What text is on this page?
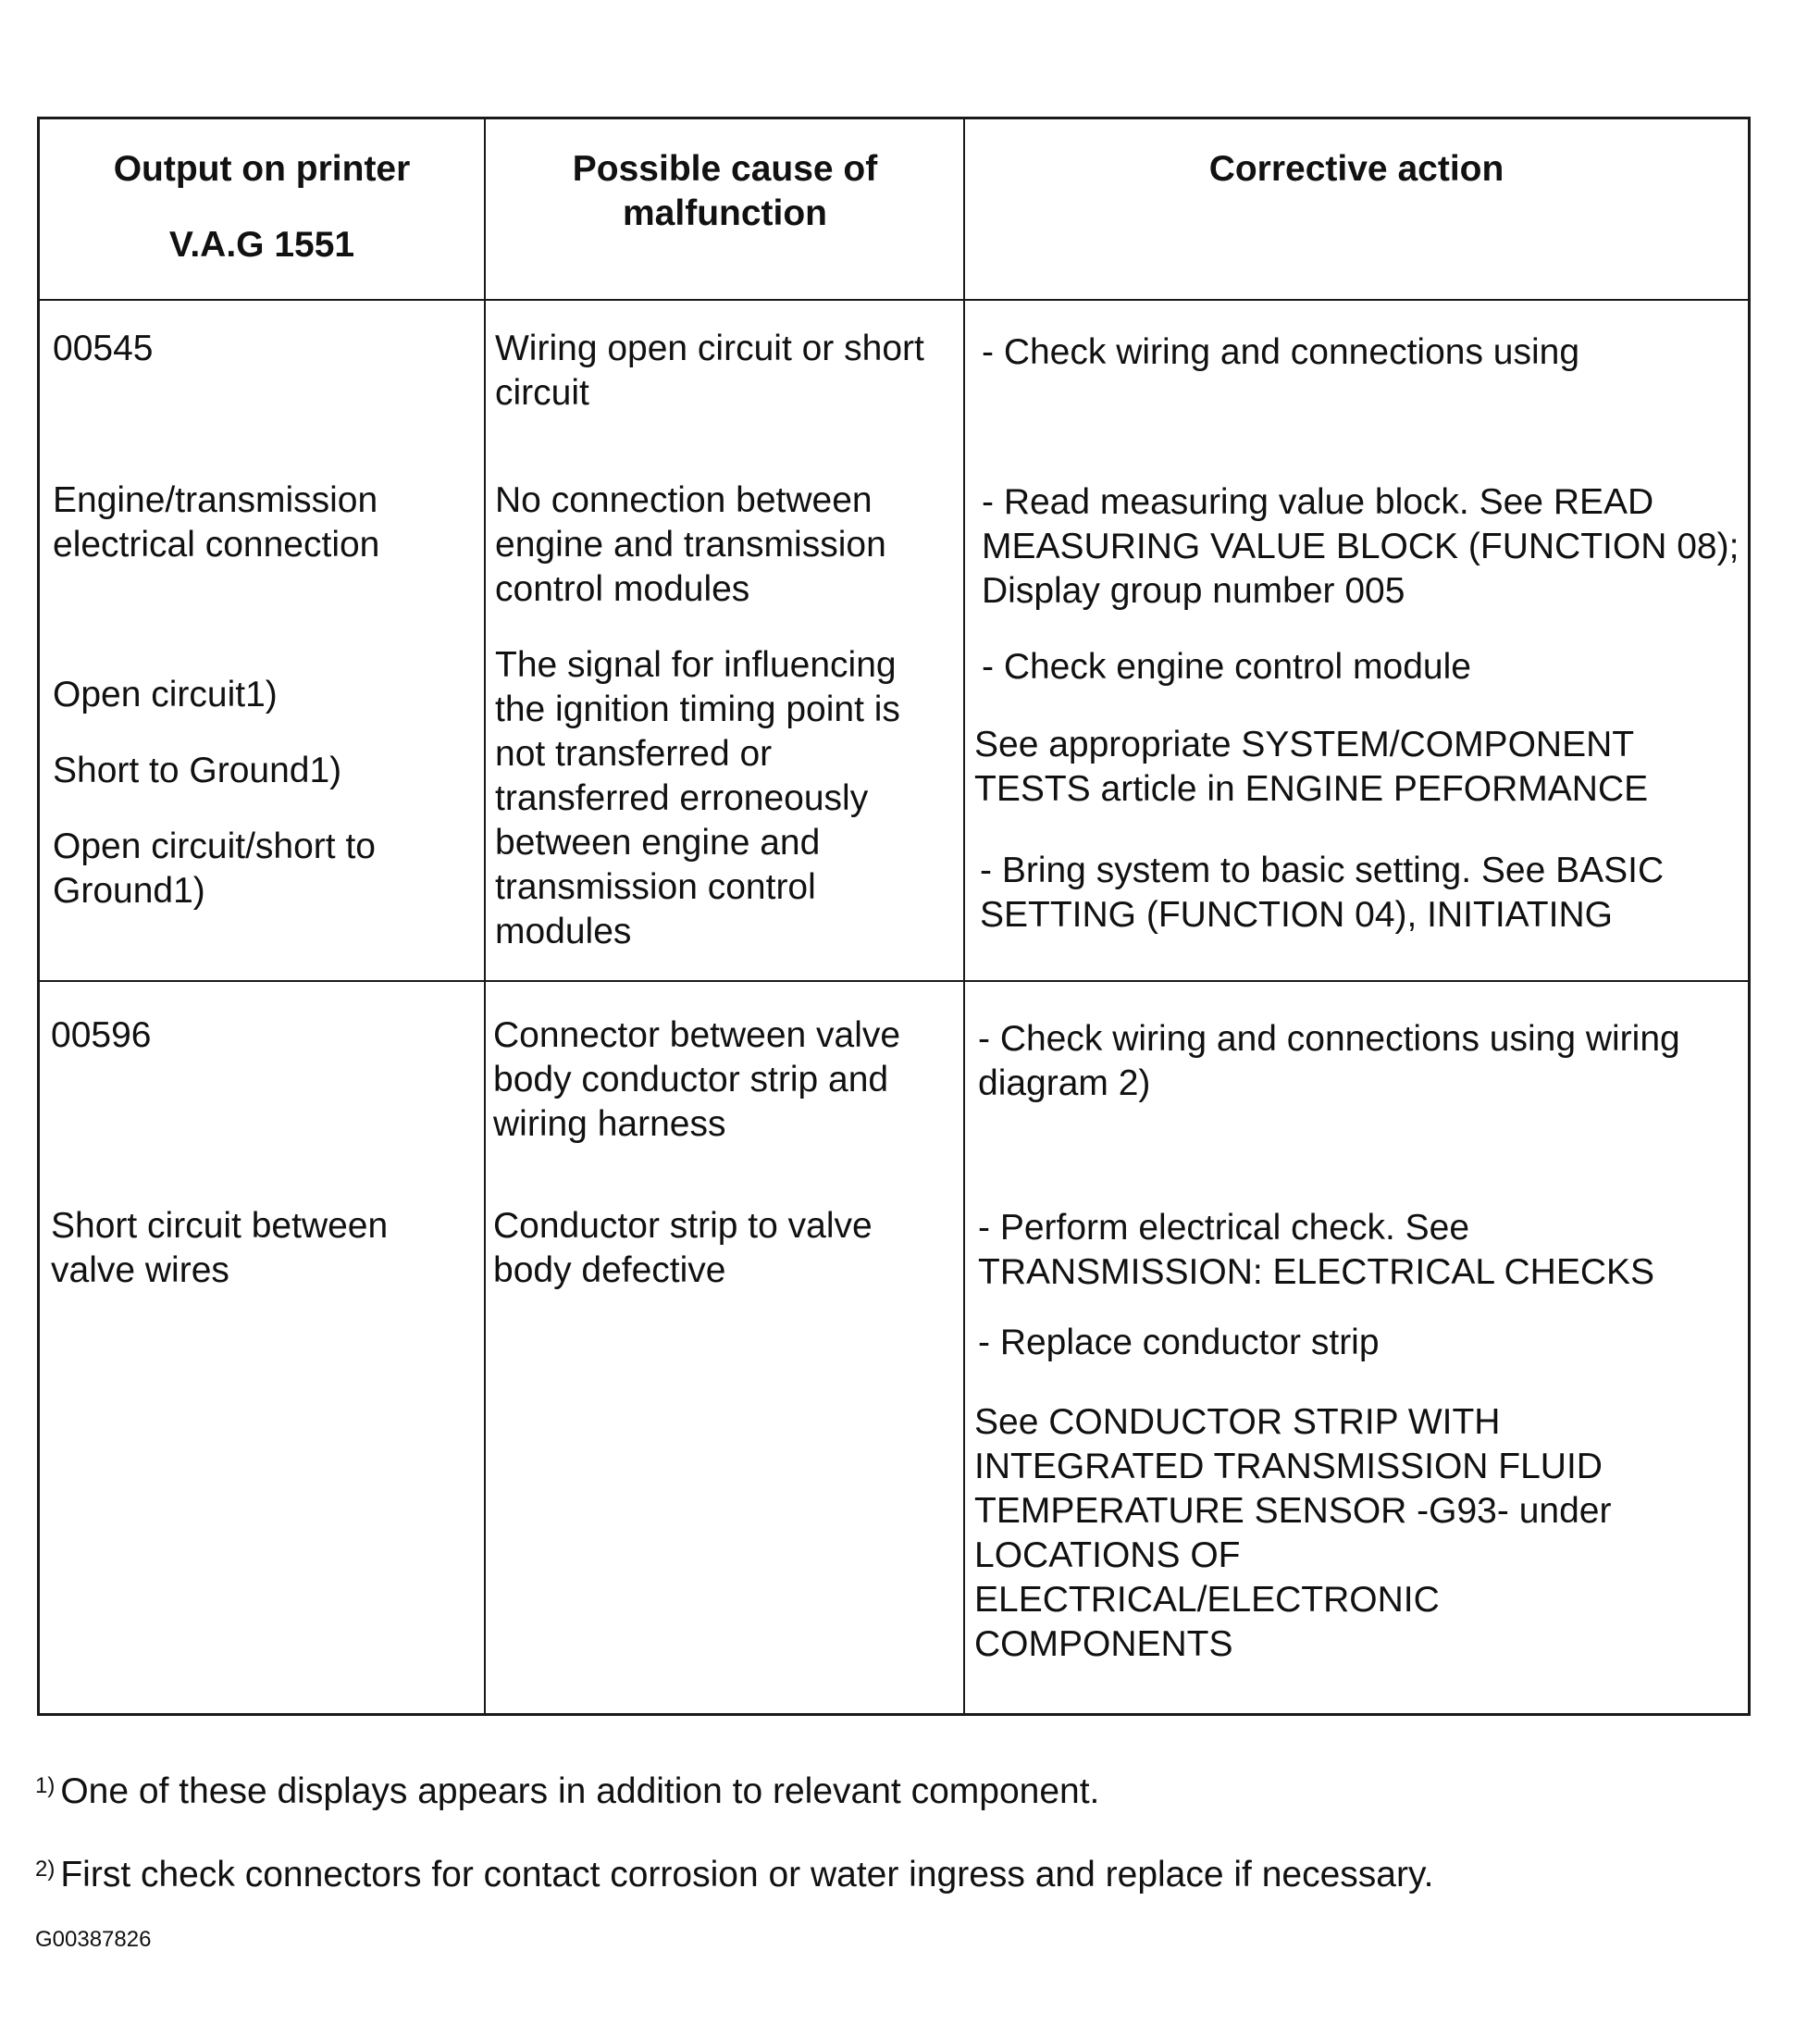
Output on printer

V.A.G 1551

Possible cause of malfunction
Corrective action
00545	Wiring open circuit or short circuit
- Check wiring and connections using
Engine/transmission electrical connection
No connection between engine and transmission control modules
- Read measuring value block. See READ MEASURING VALUE BLOCK (FUNCTION 08); Display group number 005
Open circuit1)
Short to Ground1)
Open circuit/short to Ground1)
The signal for influencing the ignition timing point is not transferred or transferred erroneously between engine and transmission control modules
- Check engine control module
See appropriate SYSTEM/COMPONENT TESTS article in ENGINE PEFORMANCE
- Bring system to basic setting. See BASIC SETTING (FUNCTION 04), INITIATING
00596	Connector between valve body conductor strip and wiring harness
- Check wiring and connections using wiring diagram 2)
Short circuit between valve wires
Conductor strip to valve body defective
- Perform electrical check. See TRANSMISSION: ELECTRICAL CHECKS
- Replace conductor strip
See CONDUCTOR STRIP WITH INTEGRATED TRANSMISSION FLUID TEMPERATURE SENSOR -G93- under LOCATIONS OF ELECTRICAL/ELECTRONIC COMPONENTS
$^{1)}$ One of these displays appears in addition to relevant component.
$^{2)}$ First check connectors for contact corrosion or water ingress and replace if necessary.
G00387826
